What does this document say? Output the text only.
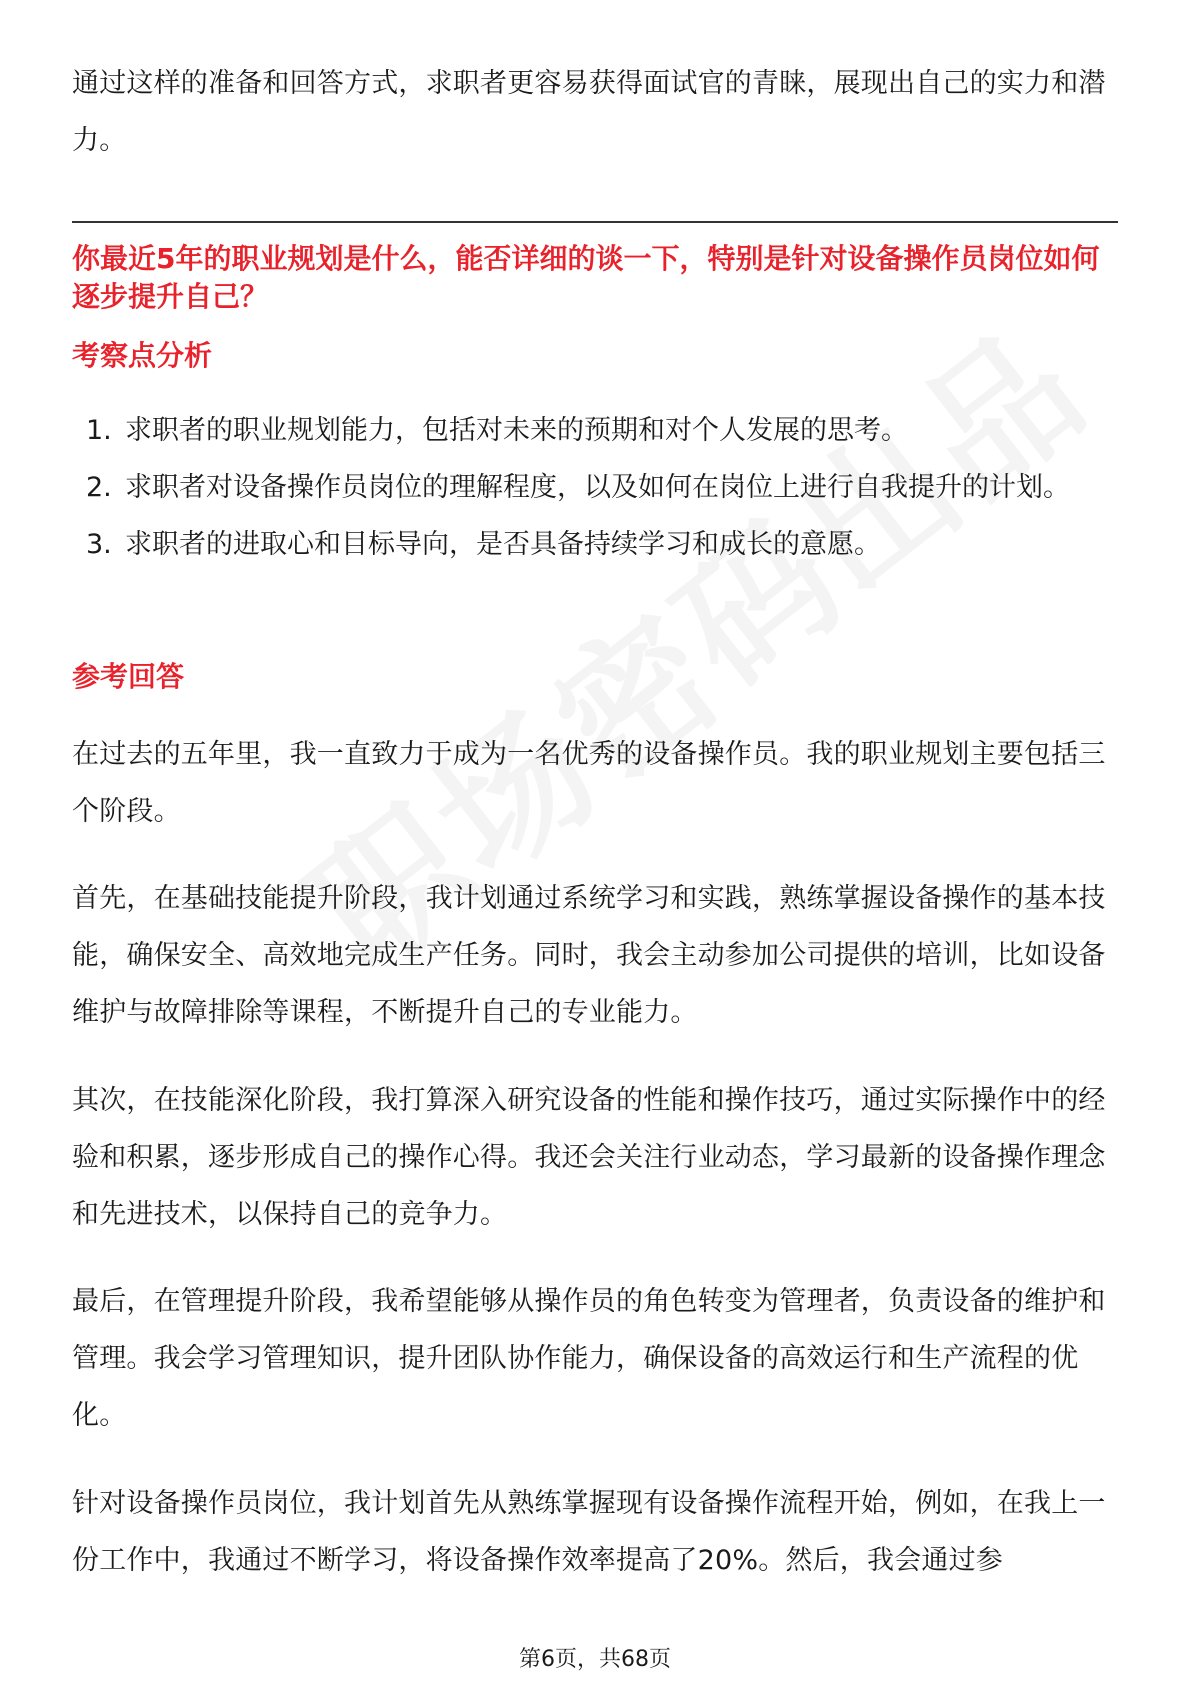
通过这样的准备和回答方式，求职者更容易获得面试官的青睐，展现出自己的实力和潜力。

你最近5年的职业规划是什么，能否详细的谈一下，特别是针对设备操作员岗位如何逐步提升自己？
考察点分析
1. 求职者的职业规划能力，包括对未来的预期和对个人发展的思考。
2. 求职者对设备操作员岗位的理解程度，以及如何在岗位上进行自我提升的计划。
3. 求职者的进取心和目标导向，是否具备持续学习和成长的意愿。
参考回答

在过去的五年里，我一直致力于成为一名优秀的设备操作员。我的职业规划主要包括三个阶段。

首先，在基础技能提升阶段，我计划通过系统学习和实践，熟练掌握设备操作的基本技能，确保安全、高效地完成生产任务。同时，我会主动参加公司提供的培训，比如设备维护与故障排除等课程，不断提升自己的专业能力。

其次，在技能深化阶段，我打算深入研究设备的性能和操作技巧，通过实际操作中的经验和积累，逐步形成自己的操作心得。我还会关注行业动态，学习最新的设备操作理念和先进技术，以保持自己的竞争力。

最后，在管理提升阶段，我希望能够从操作员的角色转变为管理者，负责设备的维护和管理。我会学习管理知识，提升团队协作能力，确保设备的高效运行和生产流程的优化。

针对设备操作员岗位，我计划首先从熟练掌握现有设备操作流程开始，例如，在我上一份工作中，我通过不断学习，将设备操作效率提高了20%。然后，我会通过参

第6页，共68页
